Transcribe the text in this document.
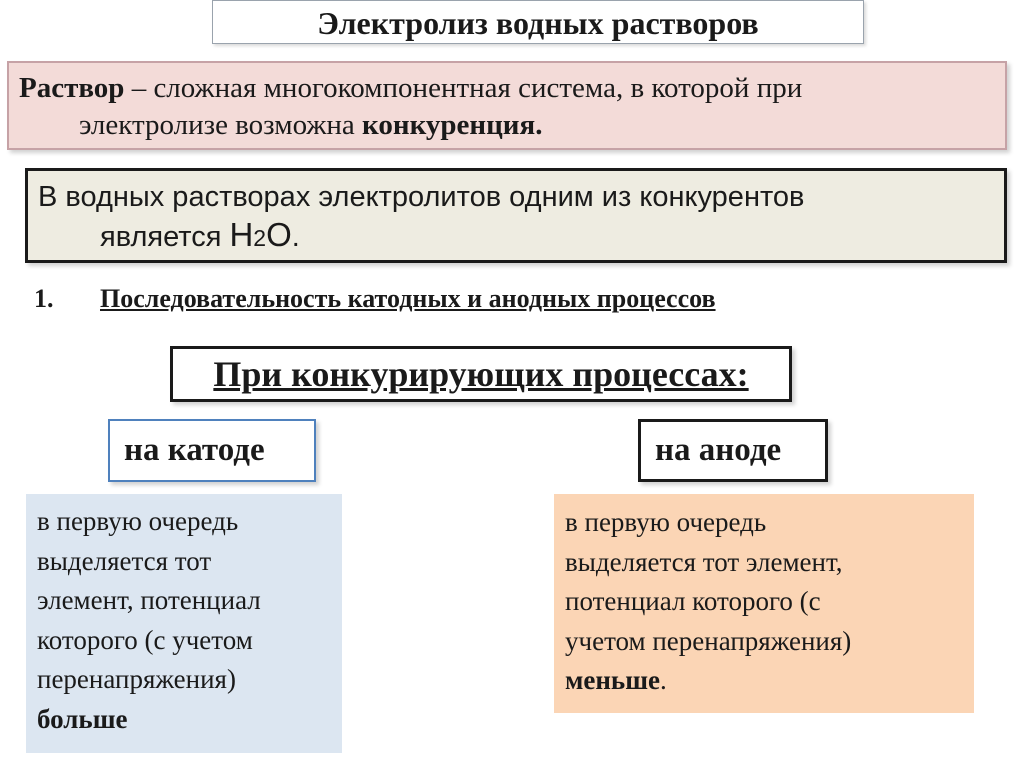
Электролиз водных растворов
Раствор – сложная многокомпонентная система, в которой при
электролизе возможна конкуренция.
В водных растворах электролитов одним из конкурентов
является H2O.
1. Последовательность катодных и анодных процессов
При конкурирующих процессах:
на катоде	на аноде
в первую очередь
выделяется тот
элемент, потенциал
которого (с учетом
перенапряжения)
больше
в первую очередь
выделяется тот элемент,
потенциал которого (с
учетом перенапряжения)
меньше.
